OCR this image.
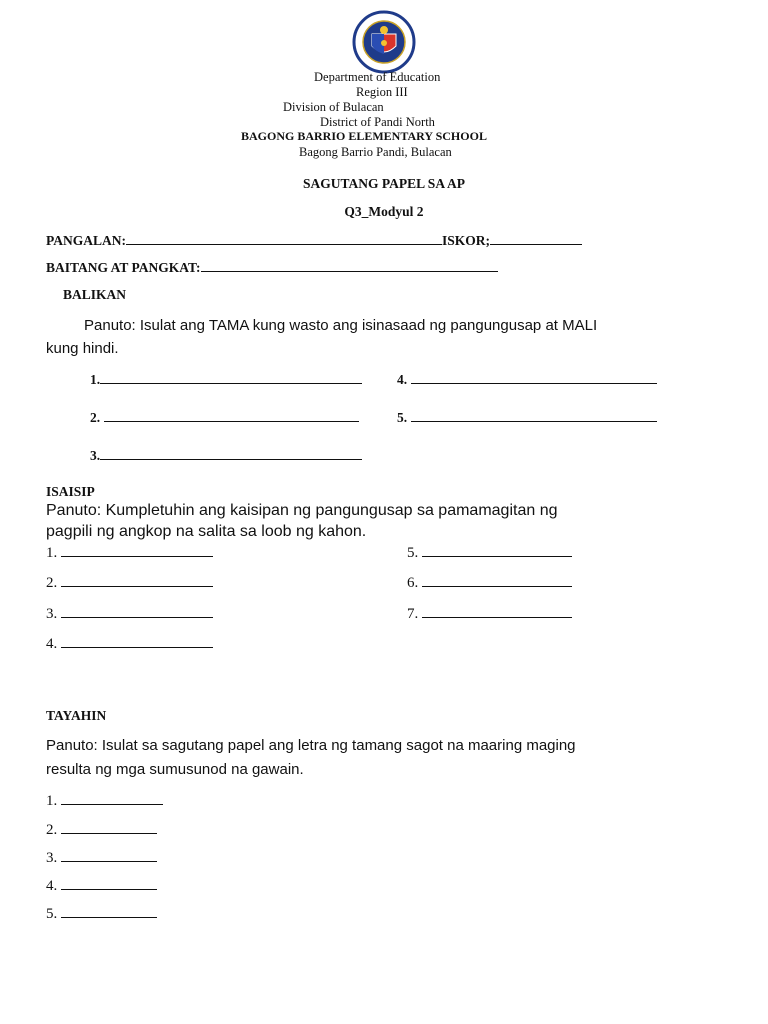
Department of Education
Region III
Division of Bulacan
District of Pandi North
BAGONG BARRIO ELEMENTARY SCHOOL
Bagong Barrio Pandi, Bulacan
SAGUTANG PAPEL SA AP
Q3_Modyul 2
PANGALAN:	ISKOR;
BAITANG AT PANGKAT:
BALIKAN
Panuto: Isulat ang TAMA kung wasto ang isinasaad ng pangungusap at MALI
kung hindi.
1.
2.
3.
4.
5.
ISAISIP
Panuto: Kumpletuhin ang kaisipan ng pangungusap sa pamamagitan ng
pagpili ng angkop na salita sa loob ng kahon.
1.
2.
3.
4.
5.
6.
7.
TAYAHIN
Panuto: Isulat sa sagutang papel ang letra ng tamang sagot na maaring maging
resulta ng mga sumusunod na gawain.
1.
2.
3.
4.
5.
